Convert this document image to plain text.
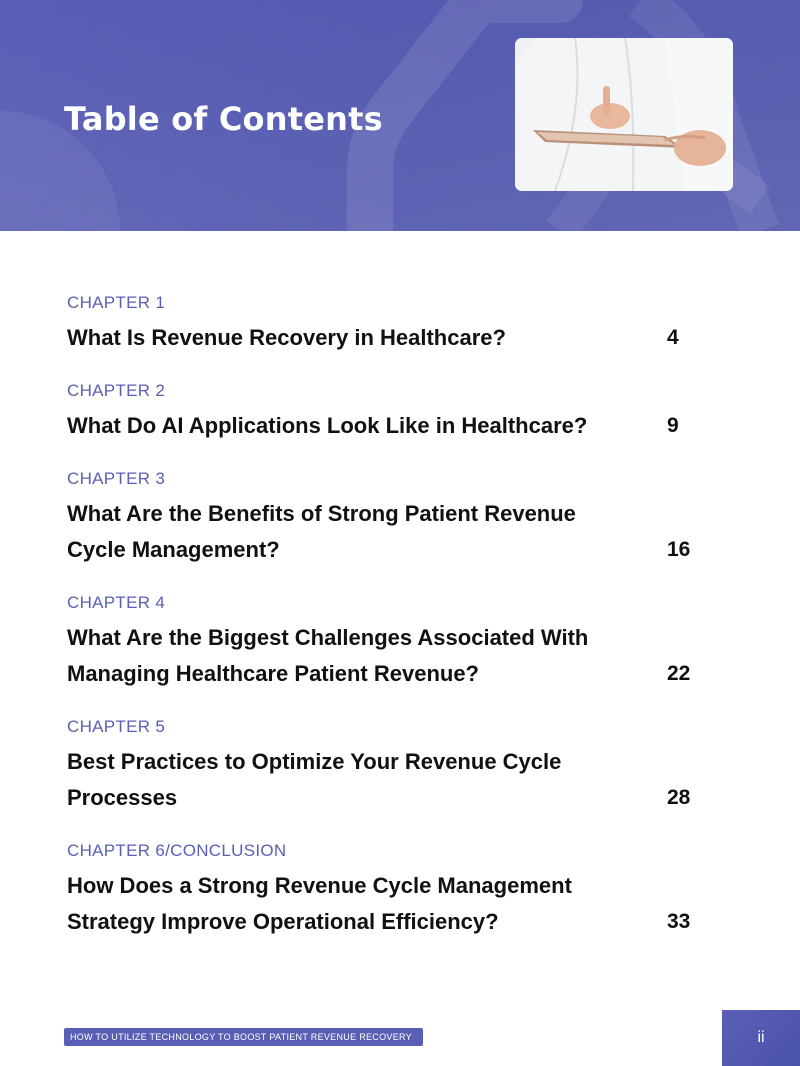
Table of Contents
CHAPTER 1
What Is Revenue Recovery in Healthcare?	4
CHAPTER 2
What Do AI Applications Look Like in Healthcare?	9
CHAPTER 3
What Are the Benefits of Strong Patient Revenue Cycle Management?	16
CHAPTER 4
What Are the Biggest Challenges Associated With Managing Healthcare Patient Revenue?	22
CHAPTER 5
Best Practices to Optimize Your Revenue Cycle Processes	28
CHAPTER 6/CONCLUSION
How Does a Strong Revenue Cycle Management Strategy Improve Operational Efficiency?	33
HOW TO UTILIZE TECHNOLOGY TO BOOST PATIENT REVENUE RECOVERY	ii
